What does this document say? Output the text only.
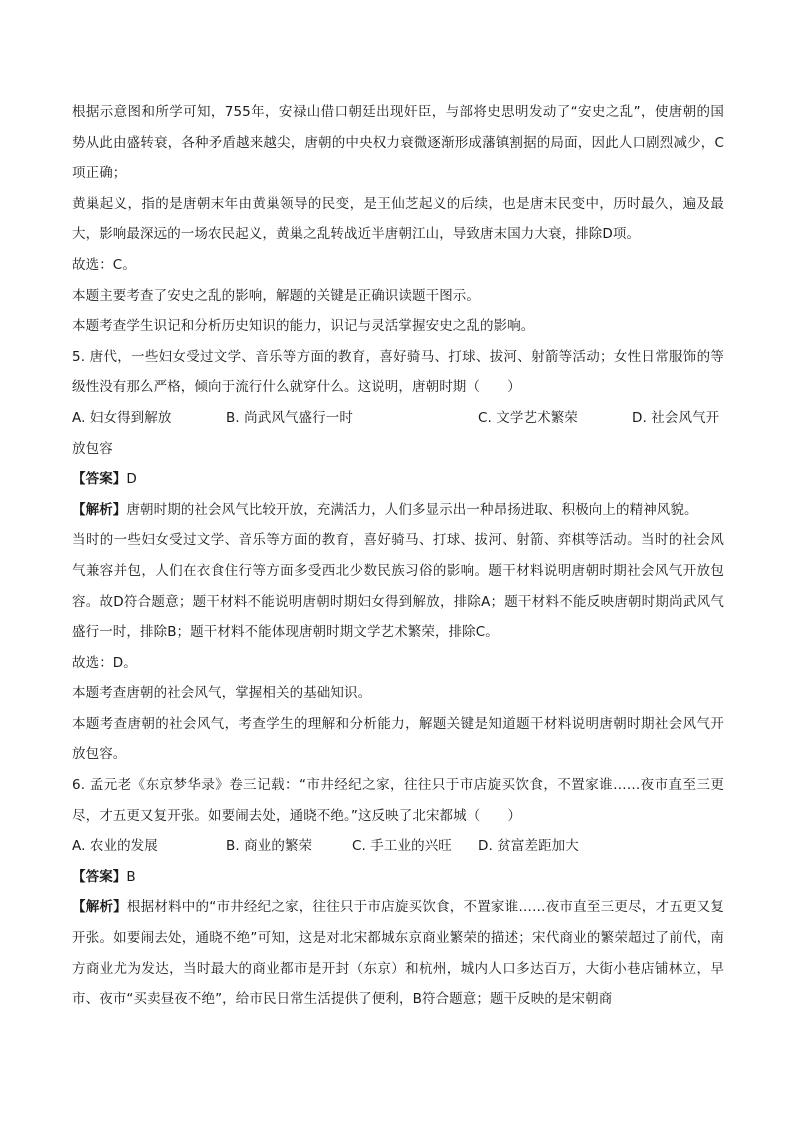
根据示意图和所学可知，755年，安禄山借口朝廷出现奸臣，与部将史思明发动了“安史之乱”，使唐朝的国势从此由盛转衰，各种矛盾越来越尖，唐朝的中央权力衰微逐渐形成藩镇割据的局面，因此人口剧烈减少，C项正确；

黄巢起义，指的是唐朝末年由黄巢领导的民变，是王仙芝起义的后续，也是唐末民变中，历时最久，遍及最大，影响最深远的一场农民起义，黄巢之乱转战近半唐朝江山，导致唐末国力大衰，排除D项。

故选：C。

本题主要考查了安史之乱的影响，解题的关键是正确识读题干图示。

本题考查学生识记和分析历史知识的能力，识记与灵活掌握安史之乱的影响。

5. 唐代，一些妇女受过文学、音乐等方面的教育，喜好骑马、打球、拔河、射箭等活动；女性日常服饰的等级性没有那么严格，倾向于流行什么就穿什么。这说明，唐朝时期（　　）

A. 妇女得到解放	B. 尚武风气盛行一时	C. 文学艺术繁荣	D. 社会风气开

放包容

【答案】D

【解析】唐朝时期的社会风气比较开放，充满活力，人们多显示出一种昂扬进取、积极向上的精神风貌。

当时的一些妇女受过文学、音乐等方面的教育，喜好骑马、打球、拔河、射箭、弈棋等活动。当时的社会风气兼容并包，人们在衣食住行等方面多受西北少数民族习俗的影响。题干材料说明唐朝时期社会风气开放包容。故D符合题意；题干材料不能说明唐朝时期妇女得到解放，排除A；题干材料不能反映唐朝时期尚武风气盛行一时，排除B；题干材料不能体现唐朝时期文学艺术繁荣，排除C。

故选：D。

本题考查唐朝的社会风气，掌握相关的基础知识。

本题考查唐朝的社会风气，考查学生的理解和分析能力，解题关键是知道题干材料说明唐朝时期社会风气开放包容。

6. 孟元老《东京梦华录》卷三记载：“市井经纪之家，往往只于市店旋买饮食，不置家谁……夜市直至三更尽，才五更又复开张。如要闹去处，通晓不绝。”这反映了北宋都城（　　）

A. 农业的发展	B. 商业的繁荣	C. 手工业的兴旺	D. 贫富差距加大

【答案】B

【解析】根据材料中的“市井经纪之家，往往只于市店旋买饮食，不置家谁……夜市直至三更尽，才五更又复开张。如要闹去处，通晓不绝”可知，这是对北宋都城东京商业繁荣的描述；宋代商业的繁荣超过了前代，南方商业尤为发达，当时最大的商业都市是开封（东京）和杭州，城内人口多达百万，大街小巷店铺林立，早市、夜市“买卖昼夜不绝”，给市民日常生活提供了便利，B符合题意；题干反映的是宋朝商
